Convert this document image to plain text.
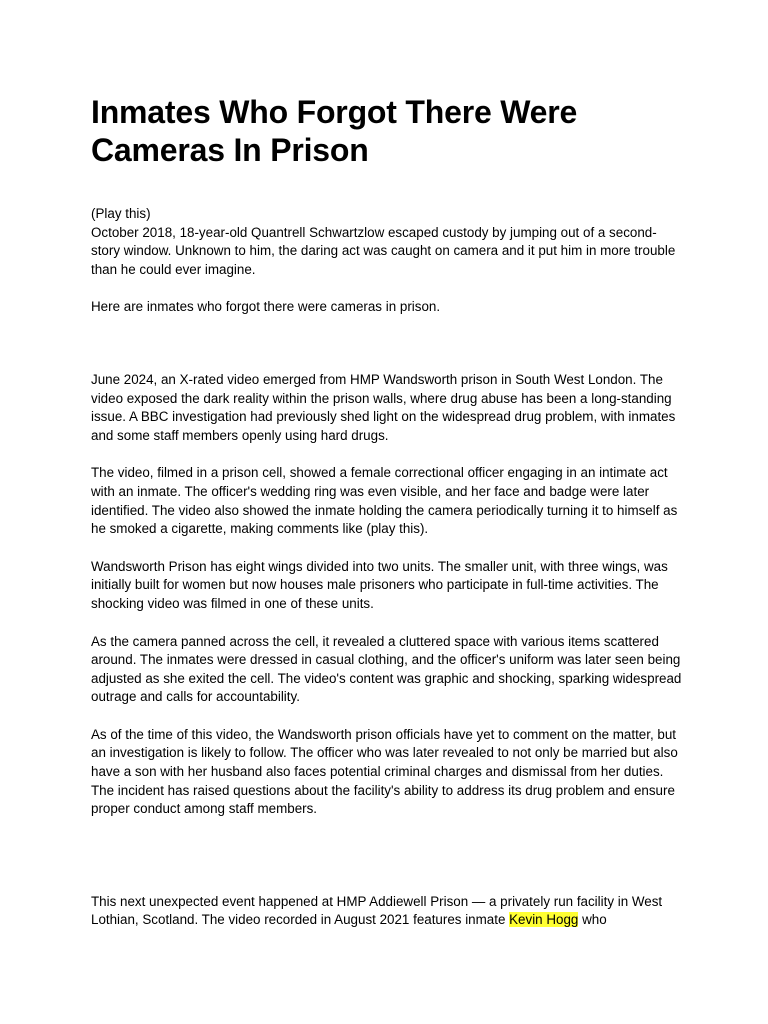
Inmates Who Forgot There Were Cameras In Prison

(Play this)

October 2018, 18-year-old Quantrell Schwartzlow escaped custody by jumping out of a second-story window. Unknown to him, the daring act was caught on camera and it put him in more trouble than he could ever imagine.

Here are inmates who forgot there were cameras in prison.

June 2024, an X-rated video emerged from HMP Wandsworth prison in South West London. The video exposed the dark reality within the prison walls, where drug abuse has been a long-standing issue. A BBC investigation had previously shed light on the widespread drug problem, with inmates and some staff members openly using hard drugs.

The video, filmed in a prison cell, showed a female correctional officer engaging in an intimate act with an inmate. The officer's wedding ring was even visible, and her face and badge were later identified. The video also showed the inmate holding the camera periodically turning it to himself as he smoked a cigarette, making comments like (play this).

Wandsworth Prison has eight wings divided into two units. The smaller unit, with three wings, was initially built for women but now houses male prisoners who participate in full-time activities. The shocking video was filmed in one of these units.

As the camera panned across the cell, it revealed a cluttered space with various items scattered around. The inmates were dressed in casual clothing, and the officer's uniform was later seen being adjusted as she exited the cell. The video's content was graphic and shocking, sparking widespread outrage and calls for accountability.

As of the time of this video, the Wandsworth prison officials have yet to comment on the matter, but an investigation is likely to follow. The officer who was later revealed to not only be married but also have a son with her husband also faces potential criminal charges and dismissal from her duties. The incident has raised questions about the facility's ability to address its drug problem and ensure proper conduct among staff members.

This next unexpected event happened at HMP Addiewell Prison — a privately run facility in West Lothian, Scotland. The video recorded in August 2021 features inmate Kevin Hogg who
